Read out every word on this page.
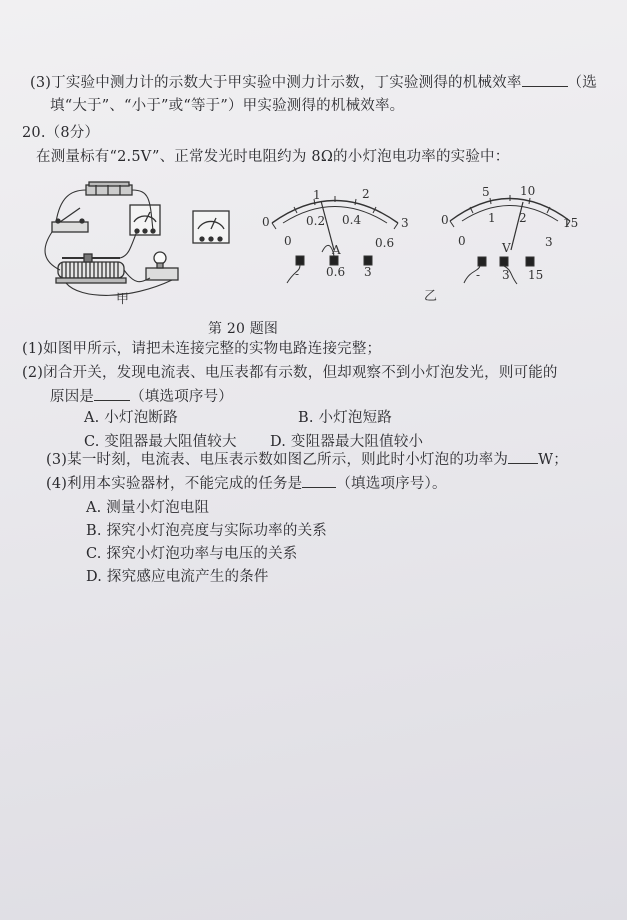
(3)丁实验中测力计的示数大于甲实验中测力计示数，丁实验测得的机械效率	（选
填“大于”、“小于”或“等于”）甲实验测得的机械效率。
20.（8分）
在测量标有“2.5V”、正常发光时电阻约为 8Ω的小灯泡电功率的实验中：
甲
0
1	2
3
0
0.2 0.4
0.6
A
- 0.6 3
0
5	10
15
0
1 2
3
V
- 3 15
乙
第 20 题图
(1)如图甲所示，请把未连接完整的实物电路连接完整；
(2)闭合开关，发现电流表、电压表都有示数，但却观察不到小灯泡发光，则可能的
原因是 （填选项序号）
A. 小灯泡断路	B. 小灯泡短路
C. 变阻器最大阻值较大 D. 变阻器最大阻值较小
(3)某一时刻，电流表、电压表示数如图乙所示，则此时小灯泡的功率为 W；
(4)利用本实验器材，不能完成的任务是 （填选项序号）。
A. 测量小灯泡电阻
B. 探究小灯泡亮度与实际功率的关系
C. 探究小灯泡功率与电压的关系
D. 探究感应电流产生的条件
